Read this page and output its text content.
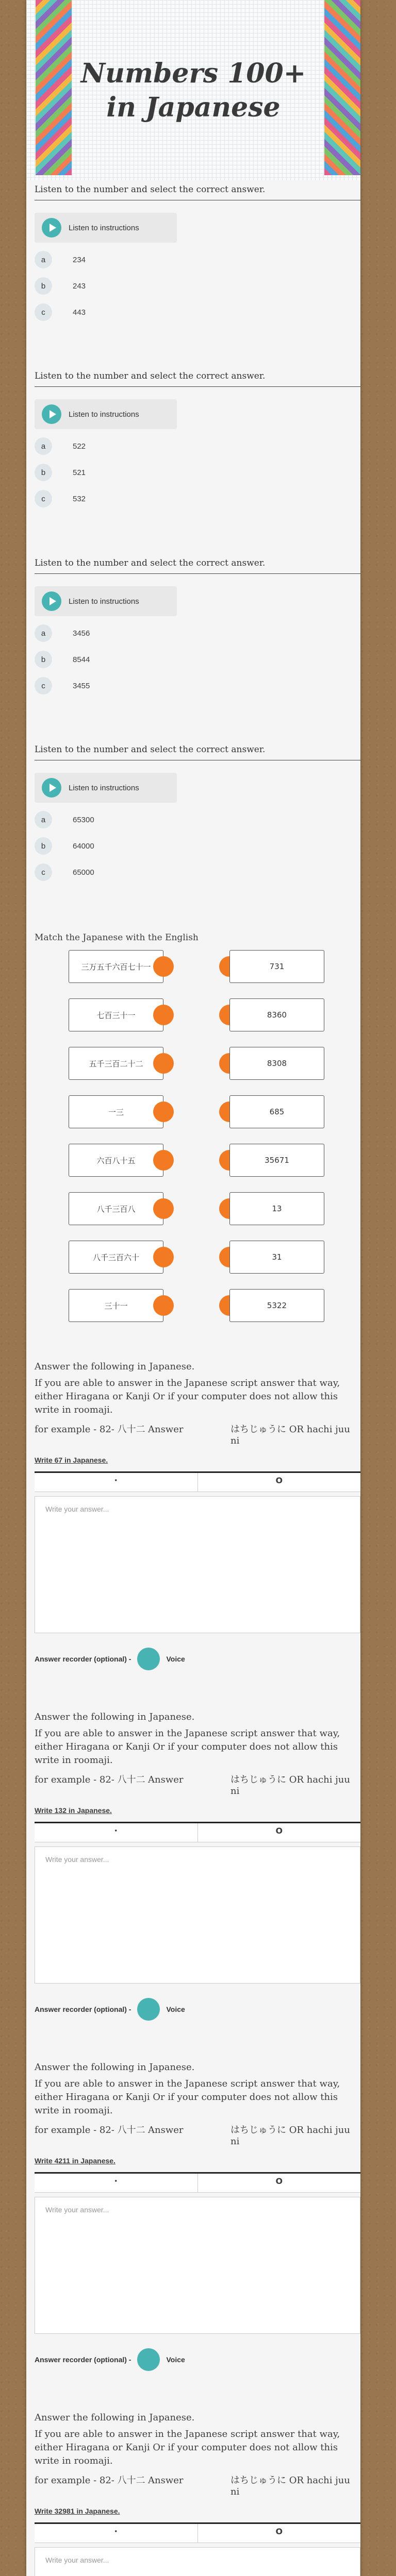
Numbers 100+ in Japanese

Listen to the number and select the correct answer.

Listen to instructions
a	234
b	243
c	443

Listen to the number and select the correct answer.

Listen to instructions
a	522
b	521
c	532

Listen to the number and select the correct answer.

Listen to instructions
a	3456
b	8544
c	3455

Listen to the number and select the correct answer.

Listen to instructions
a	65300
b	64000
c	65000

Match the Japanese with the English

三万五千六百七十一	731
七百三十一	8360
五千三百二十二	8308
一三	685
六百八十五	35671
八千三百八	13
八千三百六十	31
三十一	5322

Answer the following in Japanese.

If you are able to answer in the Japanese script answer that way, either Hiragana or Kanji Or if your computer does not allow this write in roomaji.

for example - 82- 八十二 Answer	はちじゅうに OR hachi juu ni
Write 67 in Japanese.
・	O
Write your answer...
Answer recorder (optional) -	Voice

Answer the following in Japanese.

If you are able to answer in the Japanese script answer that way, either Hiragana or Kanji Or if your computer does not allow this write in roomaji.

for example - 82- 八十二 Answer	はちじゅうに OR hachi juu ni
Write 132 in Japanese.
・	O
Write your answer...
Answer recorder (optional) -	Voice

Answer the following in Japanese.

If you are able to answer in the Japanese script answer that way, either Hiragana or Kanji Or if your computer does not allow this write in roomaji.

for example - 82- 八十二 Answer	はちじゅうに OR hachi juu ni
Write 4211 in Japanese.
・	O
Write your answer...
Answer recorder (optional) -	Voice

Answer the following in Japanese.

If you are able to answer in the Japanese script answer that way, either Hiragana or Kanji Or if your computer does not allow this write in roomaji.

for example - 82- 八十二 Answer	はちじゅうに OR hachi juu ni
Write 32981 in Japanese.
・	O
Write your answer...
